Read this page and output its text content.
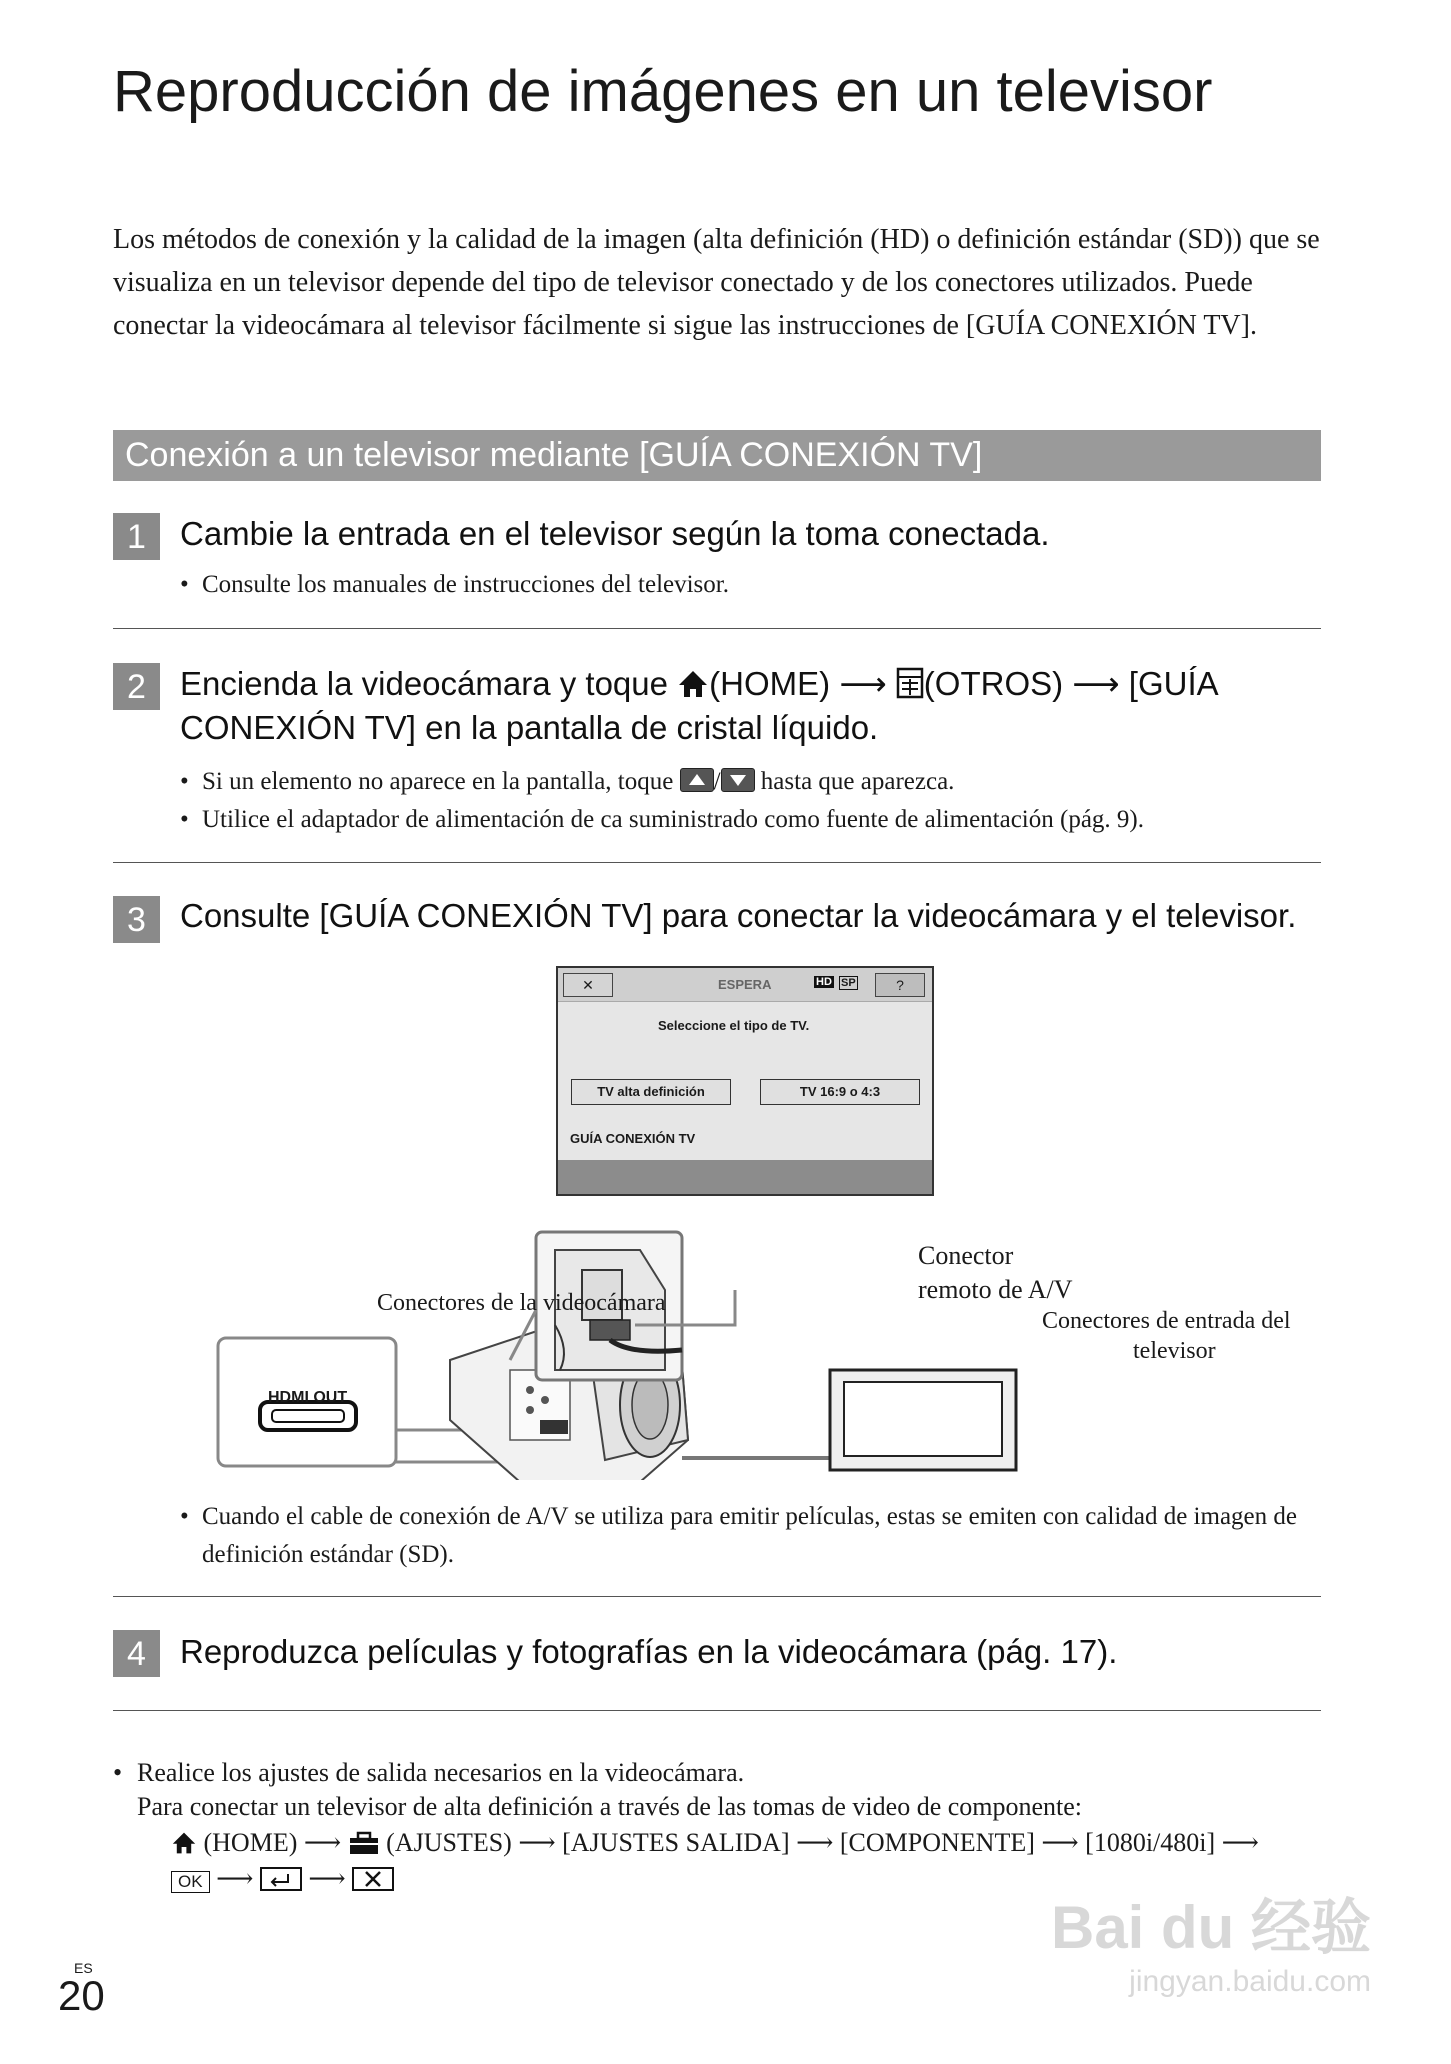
Reproducción de imágenes en un televisor
Los métodos de conexión y la calidad de la imagen (alta definición (HD) o definición estándar (SD)) que se visualiza en un televisor depende del tipo de televisor conectado y de los conectores utilizados. Puede conectar la videocámara al televisor fácilmente si sigue las instrucciones de [GUÍA CONEXIÓN TV].
Conexión a un televisor mediante [GUÍA CONEXIÓN TV]
1	Cambie la entrada en el televisor según la toma conectada.
• Consulte los manuales de instrucciones del televisor.
2	Encienda la videocámara y toque (HOME) ⟶ (OTROS) ⟶ [GUÍA
CONEXIÓN TV] en la pantalla de cristal líquido.
• Si un elemento no aparece en la pantalla, toque / hasta que aparezca.
• Utilice el adaptador de alimentación de ca suministrado como fuente de alimentación (pág. 9).
3	Consulte [GUÍA CONEXIÓN TV] para conectar la videocámara y el televisor.
✕	ESPERA	HD SP	?
Seleccione el tipo de TV.
TV alta definición	TV 16:9 o 4:3
GUÍA CONEXIÓN TV
HDMI OUT
Conectores de la videocámara
Conector
remoto de A/V
Conectores de entrada del
televisor
• Cuando el cable de conexión de A/V se utiliza para emitir películas, estas se emiten con calidad de imagen de definición estándar (SD).
4	Reproduzca películas y fotografías en la videocámara (pág. 17).
• Realice los ajustes de salida necesarios en la videocámara.
Para conectar un televisor de alta definición a través de las tomas de video de componente:
(HOME) ⟶ (AJUSTES) ⟶ [AJUSTES SALIDA] ⟶ [COMPONENTE] ⟶ [1080i/480i] ⟶
OK ⟶ ⟶
ES
20
Bai du 经验
jingyan.baidu.com
